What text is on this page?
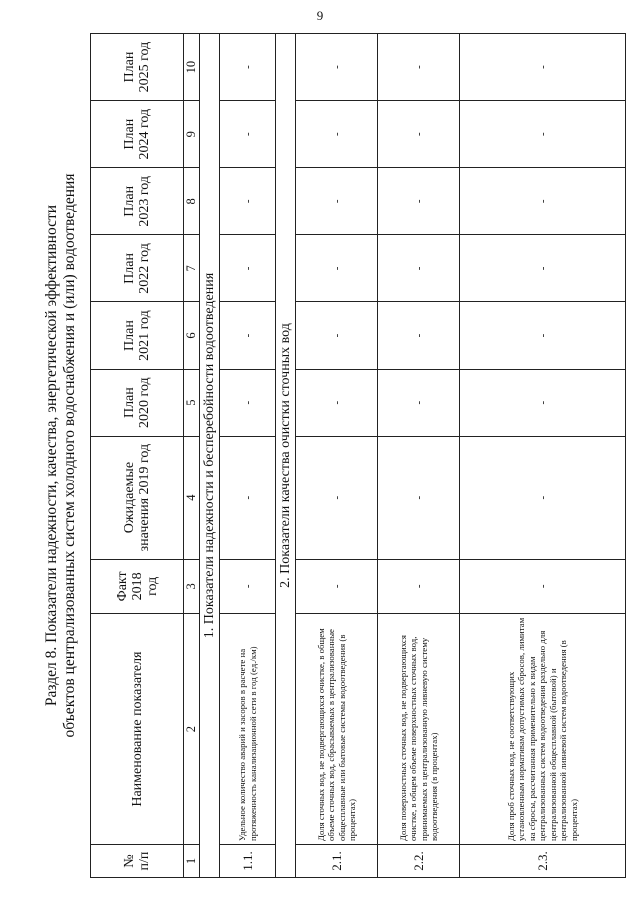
9
Раздел 8. Показатели надежности, качества, энергетической эффективности объектов централизованных систем холодного водоснабжения и (или) водоотведения
№ п/п	Наименование показателя	Факт 2018 год	Ожидаемые значения 2019 год	План 2020 год	План 2021 год	План 2022 год	План 2023 год	План 2024 год	План 2025 год
1	2	3	4	5	6	7	8	9	10
1. Показатели надежности и бесперебойности водоотведения									
1.1.	Удельное количество аварий и засоров в расчете на протяженность канализационной сети в год (ед./км)	-	-	-	-	-	-	-	-
2. Показатели качества очистки сточных вод									
2.1.	Доля сточных вод, не подвергающихся очистке, в общем объеме сточных вод, сбрасываемых в централизованные общесплавные или бытовые системы водоотведения (в процентах)	-	-	-	-	-	-	-	-
2.2.	Доля поверхностных сточных вод, не подвергающихся очистке, в общем объеме поверхностных сточных вод, принимаемых в централизованную ливневую систему водоотведения (в процентах)	-	-	-	-	-	-	-	-
2.3.	Доля проб сточных вод, не соответствующих установленным нормативам допустимых сбросов, лимитам на сбросы, рассчитанная применительно к видам централизованных систем водоотведения раздельно для централизованной общесплавной (бытовой) и централизованной ливневой систем водоотведения (в процентах)	-	-	-	-	-	-	-	-
